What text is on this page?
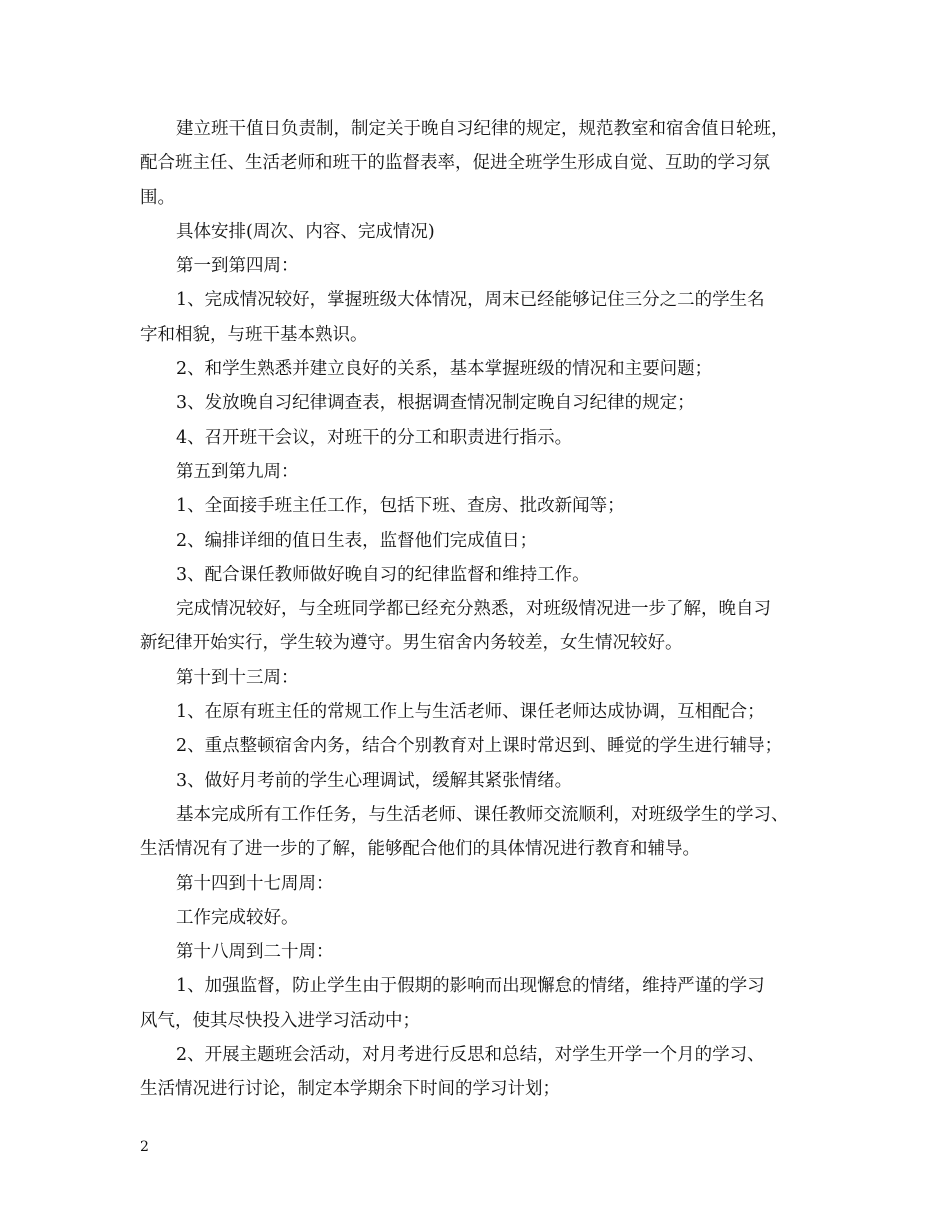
建立班干值日负责制，制定关于晚自习纪律的规定，规范教室和宿舍值日轮班，

配合班主任、生活老师和班干的监督表率，促进全班学生形成自觉、互助的学习氛

围。

具体安排(周次、内容、完成情况)

第一到第四周：

1、完成情况较好，掌握班级大体情况，周末已经能够记住三分之二的学生名

字和相貌，与班干基本熟识。

2、和学生熟悉并建立良好的关系，基本掌握班级的情况和主要问题；

3、发放晚自习纪律调查表，根据调查情况制定晚自习纪律的规定；

4、召开班干会议，对班干的分工和职责进行指示。

第五到第九周：

1、全面接手班主任工作，包括下班、查房、批改新闻等；

2、编排详细的值日生表，监督他们完成值日；

3、配合课任教师做好晚自习的纪律监督和维持工作。

完成情况较好，与全班同学都已经充分熟悉，对班级情况进一步了解，晚自习

新纪律开始实行，学生较为遵守。男生宿舍内务较差，女生情况较好。

第十到十三周：

1、在原有班主任的常规工作上与生活老师、课任老师达成协调，互相配合；

2、重点整顿宿舍内务，结合个别教育对上课时常迟到、睡觉的学生进行辅导；

3、做好月考前的学生心理调试，缓解其紧张情绪。

基本完成所有工作任务，与生活老师、课任教师交流顺利，对班级学生的学习、

生活情况有了进一步的了解，能够配合他们的具体情况进行教育和辅导。

第十四到十七周周：

工作完成较好。

第十八周到二十周：

1、加强监督，防止学生由于假期的影响而出现懈怠的情绪，维持严谨的学习

风气，使其尽快投入进学习活动中；

2、开展主题班会活动，对月考进行反思和总结，对学生开学一个月的学习、

生活情况进行讨论，制定本学期余下时间的学习计划；

2
